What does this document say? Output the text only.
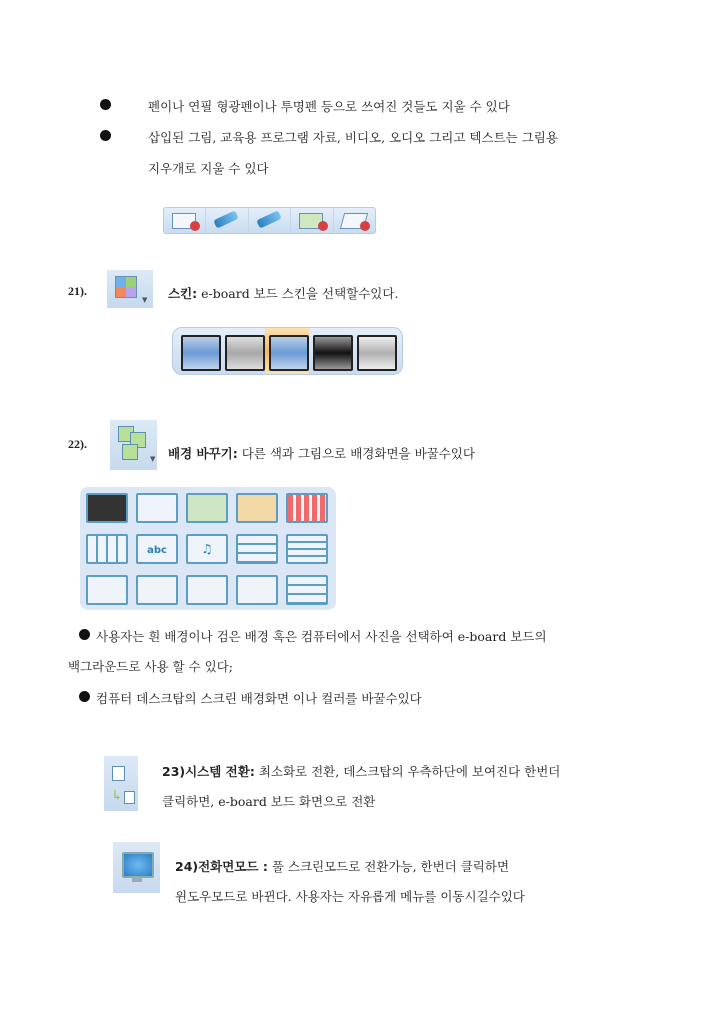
펜이나 연필 형광펜이나 투명펜 등으로 쓰여진 것들도 지울 수 있다
삽입된 그림, 교육용 프로그램 자료, 비디오, 오디오 그리고 텍스트는 그림용
지우개로 지울 수 있다
21).
▼ 스킨: e-board 보드 스킨을 선택할수있다.
22).
▼ 배경 바꾸기: 다른 색과 그림으로 배경화면을 바꿀수있다
abc	♫
사용자는 흰 배경이나 검은 배경 혹은 컴퓨터에서 사진을 선택하여 e-board 보드의
백그라운드로 사용 할 수 있다;
컴퓨터 데스크탑의 스크린 배경화면 이나 컬러를 바꿀수있다
↳
23)시스템 전환: 최소화로 전환, 데스크탑의 우측하단에 보여진다 한번더
클릭하면, e-board 보드 화면으로 전환
24)전화면모드 : 풀 스크린모드로 전환가능, 한번더 클릭하면
윈도우모드로 바뀐다. 사용자는 자유롭게 메뉴를 이동시길수있다
